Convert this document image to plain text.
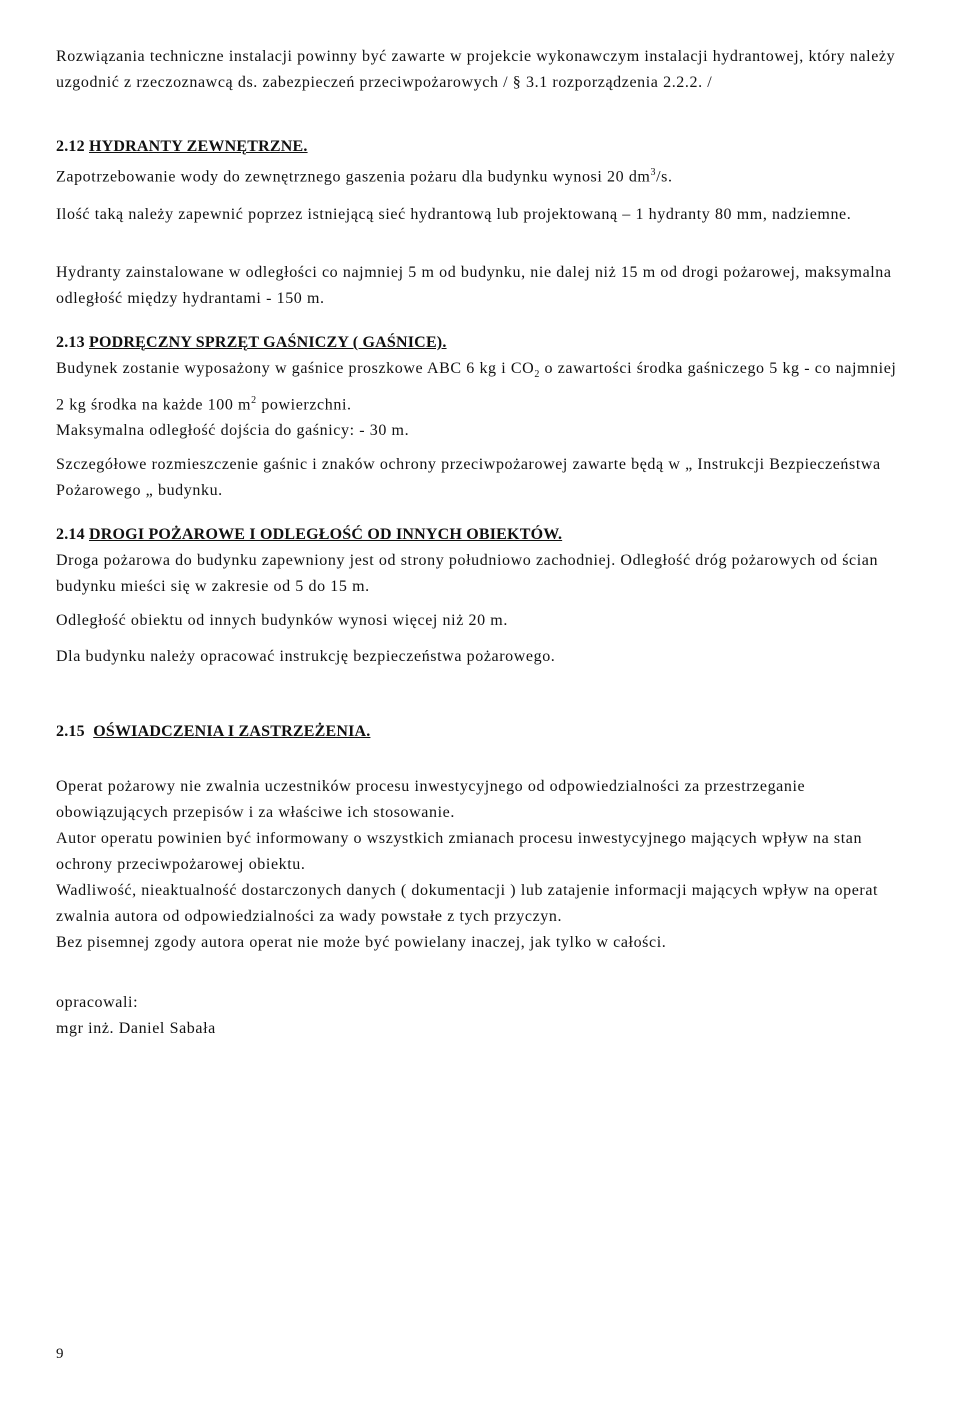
Rozwiązania techniczne instalacji powinny być zawarte w projekcie wykonawczym instalacji hydrantowej, który należy uzgodnić z rzeczoznawcą ds. zabezpieczeń przeciwpożarowych / § 3.1 rozporządzenia 2.2.2. /

2.12 HYDRANTY ZEWNĘTRZNE.

Zapotrzebowanie wody do zewnętrznego gaszenia pożaru dla budynku wynosi 20 $dm^3/s$.

Ilość taką należy zapewnić poprzez istniejącą sieć hydrantową lub projektowaną – 1 hydranty 80 mm, nadziemne.

Hydranty zainstalowane w odległości co najmniej 5 m od budynku, nie dalej niż 15 m od drogi pożarowej, maksymalna odległość między hydrantami - 150 m.

2.13 PODRĘCZNY SPRZĘT GAŚNICZY ( GAŚNICE).

Budynek zostanie wyposażony w gaśnice proszkowe ABC 6 kg i $CO_2$ o zawartości środka gaśniczego 5 kg - co najmniej 2 kg środka na każde 100 $m^2$ powierzchni.

Maksymalna odległość dojścia do gaśnicy: - 30 m.

Szczegółowe rozmieszczenie gaśnic i znaków ochrony przeciwpożarowej zawarte będą w „ Instrukcji Bezpieczeństwa Pożarowego „ budynku.

2.14 DROGI POŻAROWE I ODLEGŁOŚĆ OD INNYCH OBIEKTÓW.

Droga pożarowa do budynku zapewniony jest od strony południowo zachodniej. Odległość dróg pożarowych od ścian budynku mieści się w zakresie od 5 do 15 m.

Odległość obiektu od innych budynków wynosi więcej niż 20 m.

Dla budynku należy opracować instrukcję bezpieczeństwa pożarowego.

2.15 OŚWIADCZENIA I ZASTRZEŻENIA.

Operat pożarowy nie zwalnia uczestników procesu inwestycyjnego od odpowiedzialności za przestrzeganie obowiązujących przepisów i za właściwe ich stosowanie.

Autor operatu powinien być informowany o wszystkich zmianach procesu inwestycyjnego mających wpływ na stan ochrony przeciwpożarowej obiektu.

Wadliwość, nieaktualność dostarczonych danych ( dokumentacji ) lub zatajenie informacji mających wpływ na operat zwalnia autora od odpowiedzialności za wady powstałe z tych przyczyn.

Bez pisemnej zgody autora operat nie może być powielany inaczej, jak tylko w całości.

opracowali:

mgr inż. Daniel Sabała

9
